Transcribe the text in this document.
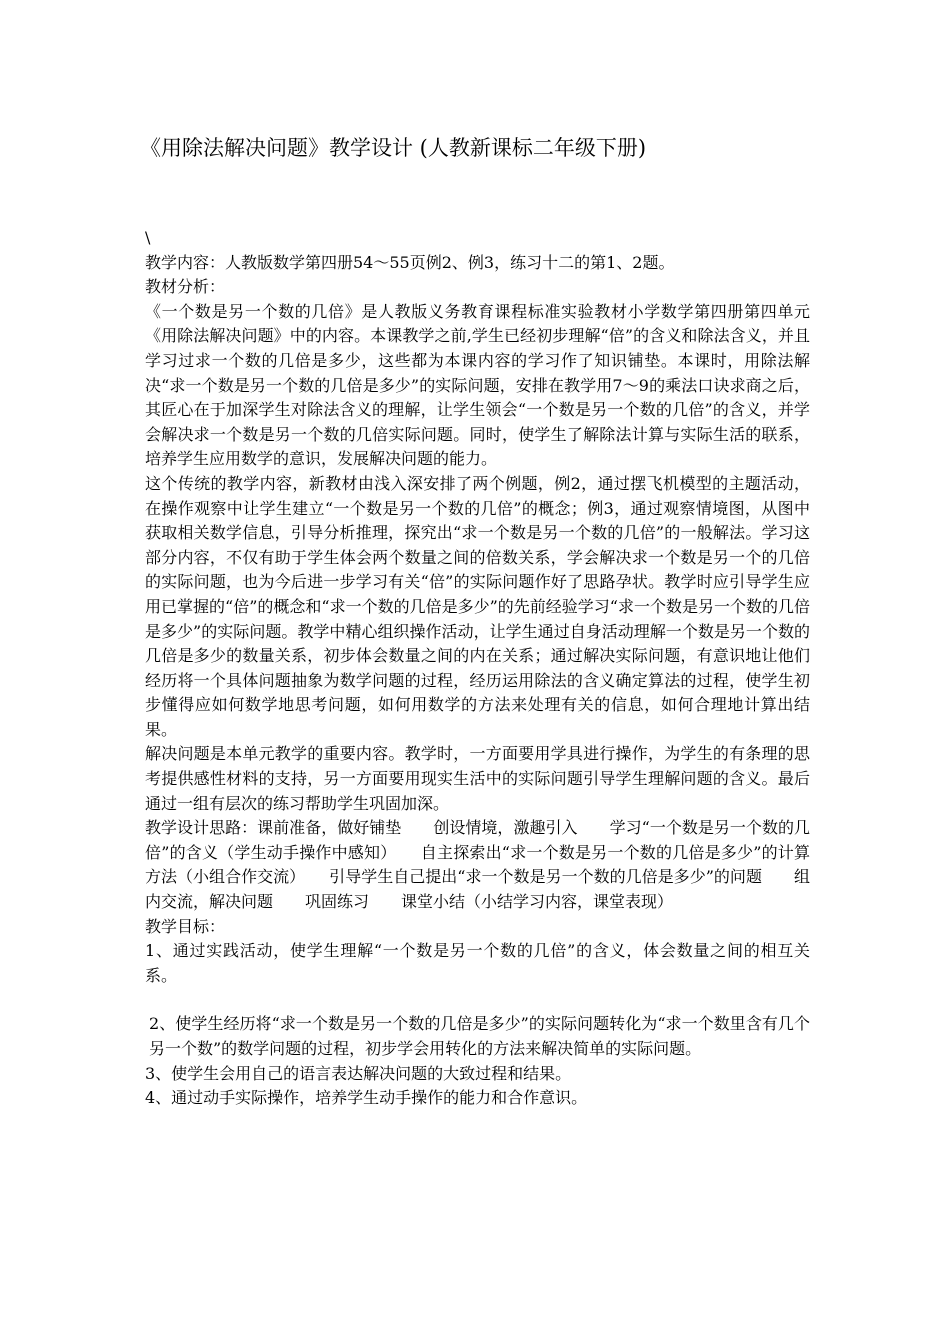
《用除法解决问题》教学设计 (人教新课标二年级下册)

\

教学内容：人教版数学第四册54～55页例2、例3，练习十二的第1、2题。

教材分析：

《一个数是另一个数的几倍》是人教版义务教育课程标准实验教材小学数学第四册第四单元《用除法解决问题》中的内容。本课教学之前,学生已经初步理解“倍”的含义和除法含义，并且学习过求一个数的几倍是多少，这些都为本课内容的学习作了知识铺垫。本课时，用除法解决“求一个数是另一个数的几倍是多少”的实际问题，安排在教学用7～9的乘法口诀求商之后，其匠心在于加深学生对除法含义的理解，让学生领会“一个数是另一个数的几倍”的含义，并学会解决求一个数是另一个数的几倍实际问题。同时，使学生了解除法计算与实际生活的联系，培养学生应用数学的意识，发展解决问题的能力。

这个传统的教学内容，新教材由浅入深安排了两个例题，例2，通过摆飞机模型的主题活动，在操作观察中让学生建立“一个数是另一个数的几倍”的概念；例3，通过观察情境图，从图中获取相关数学信息，引导分析推理，探究出“求一个数是另一个数的几倍”的一般解法。学习这部分内容，不仅有助于学生体会两个数量之间的倍数关系，学会解决求一个数是另一个的几倍的实际问题，也为今后进一步学习有关“倍”的实际问题作好了思路孕状。教学时应引导学生应用已掌握的“倍”的概念和“求一个数的几倍是多少”的先前经验学习“求一个数是另一个数的几倍是多少”的实际问题。教学中精心组织操作活动，让学生通过自身活动理解一个数是另一个数的几倍是多少的数量关系，初步体会数量之间的内在关系；通过解决实际问题，有意识地让他们经历将一个具体问题抽象为数学问题的过程，经历运用除法的含义确定算法的过程，使学生初步懂得应如何数学地思考问题，如何用数学的方法来处理有关的信息，如何合理地计算出结果。

解决问题是本单元教学的重要内容。教学时，一方面要用学具进行操作，为学生的有条理的思考提供感性材料的支持，另一方面要用现实生活中的实际问题引导学生理解问题的含义。最后通过一组有层次的练习帮助学生巩固加深。

教学设计思路：课前准备，做好铺垫　　创设情境，激趣引入　　学习“一个数是另一个数的几倍”的含义（学生动手操作中感知）　　自主探索出“求一个数是另一个数的几倍是多少”的计算方法（小组合作交流）　　引导学生自己提出“求一个数是另一个数的几倍是多少”的问题　　组内交流，解决问题　　巩固练习　　课堂小结（小结学习内容，课堂表现）

教学目标：

1、通过实践活动，使学生理解“一个数是另一个数的几倍”的含义，体会数量之间的相互关系。

2、使学生经历将“求一个数是另一个数的几倍是多少”的实际问题转化为“求一个数里含有几个另一个数”的数学问题的过程，初步学会用转化的方法来解决简单的实际问题。

3、使学生会用自己的语言表达解决问题的大致过程和结果。

4、通过动手实际操作，培养学生动手操作的能力和合作意识。
